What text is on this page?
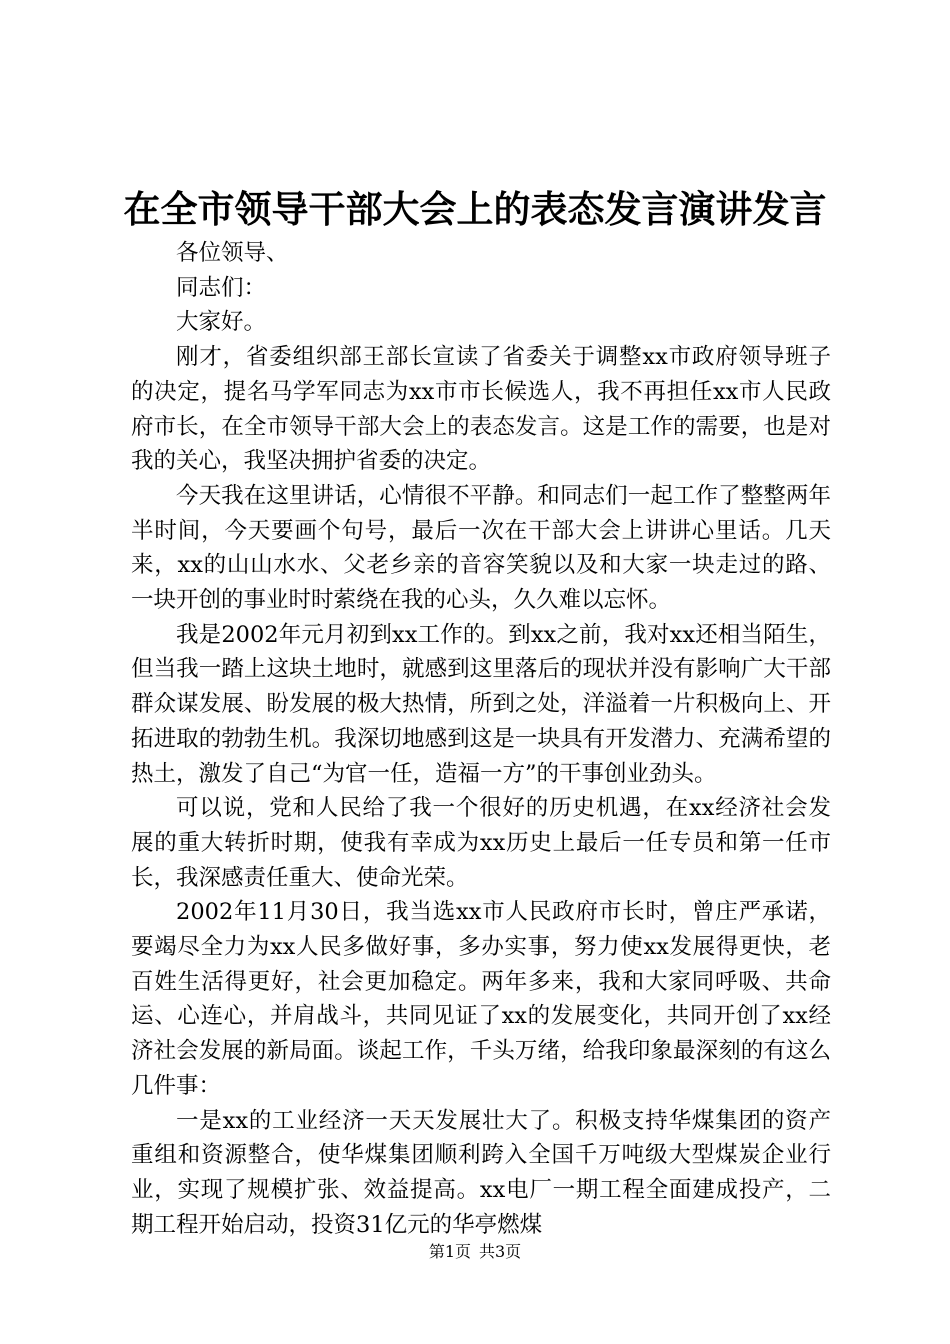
在全市领导干部大会上的表态发言演讲发言

各位领导、

同志们：

大家好。

刚才，省委组织部王部长宣读了省委关于调整xx市政府领导班子的决定，提名马学军同志为xx市市长候选人，我不再担任xx市人民政府市长，在全市领导干部大会上的表态发言。这是工作的需要，也是对我的关心，我坚决拥护省委的决定。

今天我在这里讲话，心情很不平静。和同志们一起工作了整整两年半时间，今天要画个句号，最后一次在干部大会上讲讲心里话。几天来，xx的山山水水、父老乡亲的音容笑貌以及和大家一块走过的路、一块开创的事业时时萦绕在我的心头，久久难以忘怀。

我是2002年元月初到xx工作的。到xx之前，我对xx还相当陌生，但当我一踏上这块土地时，就感到这里落后的现状并没有影响广大干部群众谋发展、盼发展的极大热情，所到之处，洋溢着一片积极向上、开拓进取的勃勃生机。我深切地感到这是一块具有开发潜力、充满希望的热土，激发了自己“为官一任，造福一方”的干事创业劲头。

可以说，党和人民给了我一个很好的历史机遇，在xx经济社会发展的重大转折时期，使我有幸成为xx历史上最后一任专员和第一任市长，我深感责任重大、使命光荣。

2002年11月30日，我当选xx市人民政府市长时，曾庄严承诺，要竭尽全力为xx人民多做好事，多办实事，努力使xx发展得更快，老百姓生活得更好，社会更加稳定。两年多来，我和大家同呼吸、共命运、心连心，并肩战斗，共同见证了xx的发展变化，共同开创了xx经济社会发展的新局面。谈起工作，千头万绪，给我印象最深刻的有这么几件事：

一是xx的工业经济一天天发展壮大了。积极支持华煤集团的资产重组和资源整合，使华煤集团顺利跨入全国千万吨级大型煤炭企业行业，实现了规模扩张、效益提高。xx电厂一期工程全面建成投产，二期工程开始启动，投资31亿元的华亭燃煤

第1页 共3页
